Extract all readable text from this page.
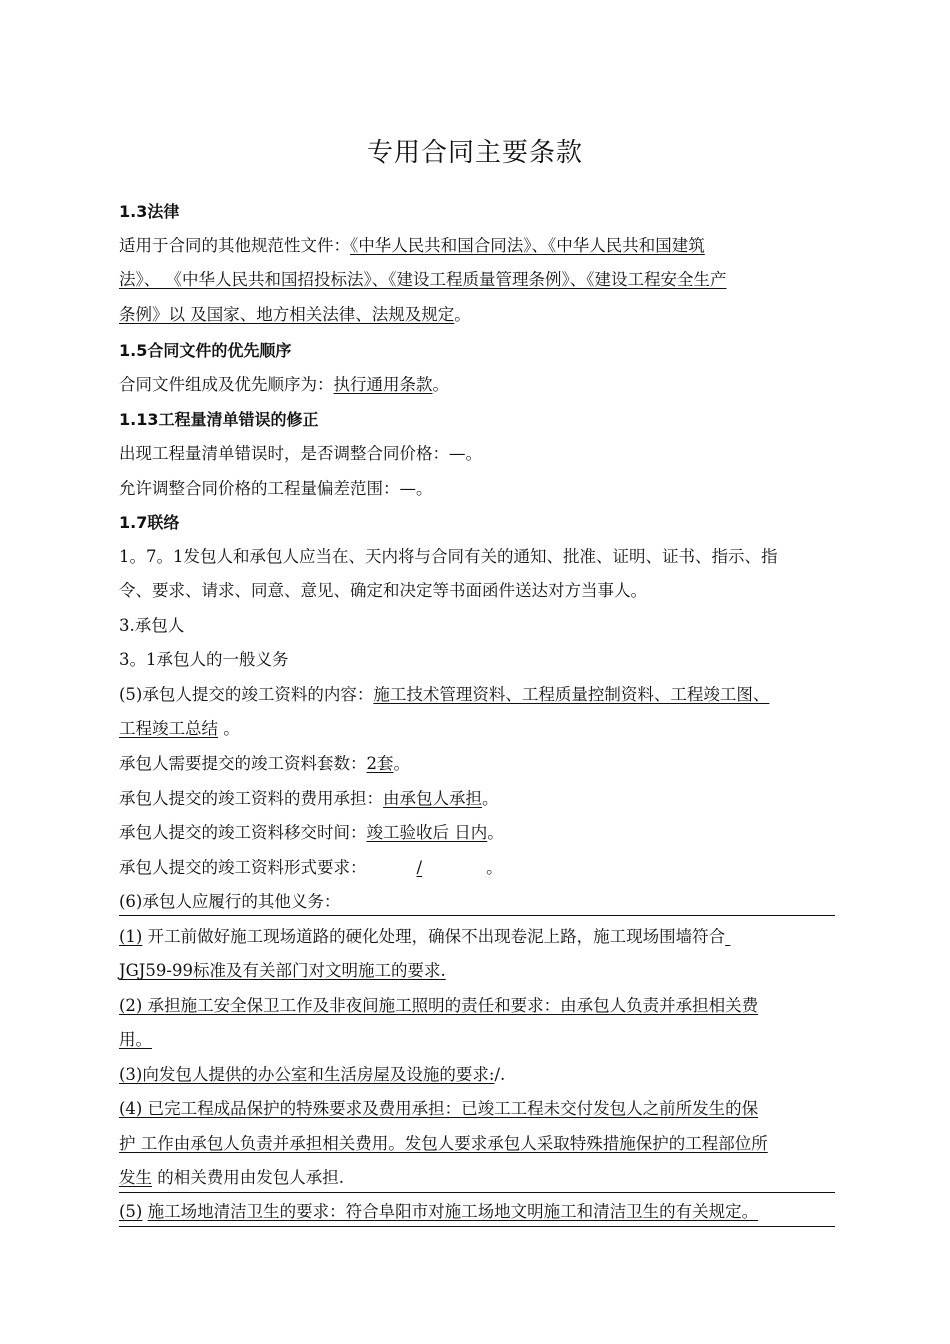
专用合同主要条款
1.3法律
适用于合同的其他规范性文件：《中华人民共和国合同法》、《中华人民共和国建筑
法》、 《中华人民共和国招投标法》、《建设工程质量管理条例》、《建设工程安全生产
条例》以 及国家、地方相关法律、法规及规定。
1.5合同文件的优先顺序
合同文件组成及优先顺序为：执行通用条款。
1.13工程量清单错误的修正
出现工程量清单错误时，是否调整合同价格：—。
允许调整合同价格的工程量偏差范围：—。
1.7联络
1。7。1发包人和承包人应当在、天内将与合同有关的通知、批准、证明、证书、指示、指
令、要求、请求、同意、意见、确定和决定等书面函件送达对方当事人。
3.承包人
3。1承包人的一般义务
(5)承包人提交的竣工资料的内容：施工技术管理资料、工程质量控制资料、工程竣工图、
工程竣工总结 。
承包人需要提交的竣工资料套数：2套。
承包人提交的竣工资料的费用承担：由承包人承担。
承包人提交的竣工资料移交时间：竣工验收后 日内。
承包人提交的竣工资料形式要求：	/	。
(6)承包人应履行的其他义务：
(1) 开工前做好施工现场道路的硬化处理，确保不出现卷泥上路，施工现场围墙符合
JGJ59-99标准及有关部门对文明施工的要求.
(2) 承担施工安全保卫工作及非夜间施工照明的责任和要求：由承包人负责并承担相关费
用。
(3)向发包人提供的办公室和生活房屋及设施的要求:/.
(4) 已完工程成品保护的特殊要求及费用承担：已竣工工程未交付发包人之前所发生的保
护 工作由承包人负责并承担相关费用。发包人要求承包人采取特殊措施保护的工程部位所
发生 的相关费用由发包人承担.
(5) 施工场地清洁卫生的要求：符合阜阳市对施工场地文明施工和清洁卫生的有关规定。
